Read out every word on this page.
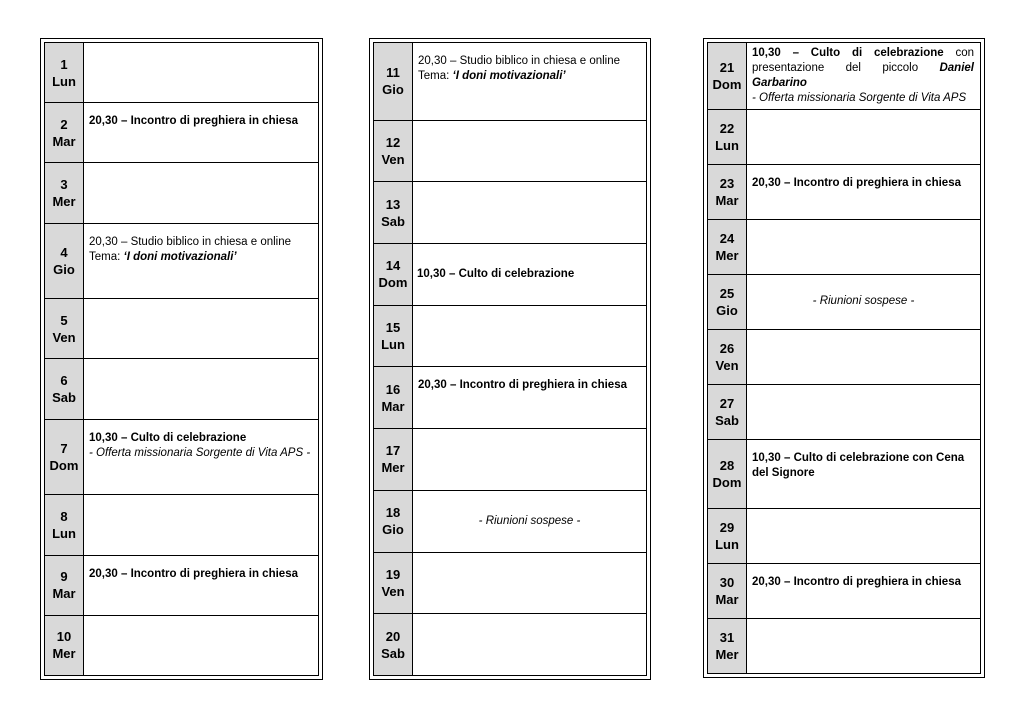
1
Lun	

2
Mar	20,30 – Incontro di preghiera in chiesa

3
Mer	

4
Gio	20,30 – Studio biblico in chiesa e online
Tema: ‘I doni motivazionali’

5
Ven	

6
Sab	

7
Dom	10,30 – Culto di celebrazione
- Offerta missionaria Sorgente di Vita APS -

8
Lun	

9
Mar	20,30 – Incontro di preghiera in chiesa

10
Mer	

11
Gio	20,30 – Studio biblico in chiesa e online
Tema: ‘I doni motivazionali’

12
Ven	

13
Sab	

14
Dom	10,30 – Culto di celebrazione

15
Lun	

16
Mar	20,30 – Incontro di preghiera in chiesa

17
Mer	

18
Gio	- Riunioni sospese -

19
Ven	

20
Sab	

21
Dom	10,30 – Culto di celebrazione con presentazione del piccolo Daniel Garbarino
- Offerta missionaria Sorgente di Vita APS

22
Lun	

23
Mar	20,30 – Incontro di preghiera in chiesa

24
Mer	

25
Gio	- Riunioni sospese -

26
Ven	

27
Sab	

28
Dom	10,30 – Culto di celebrazione con Cena del Signore

29
Lun	

30
Mar	20,30 – Incontro di preghiera in chiesa

31
Mer	
